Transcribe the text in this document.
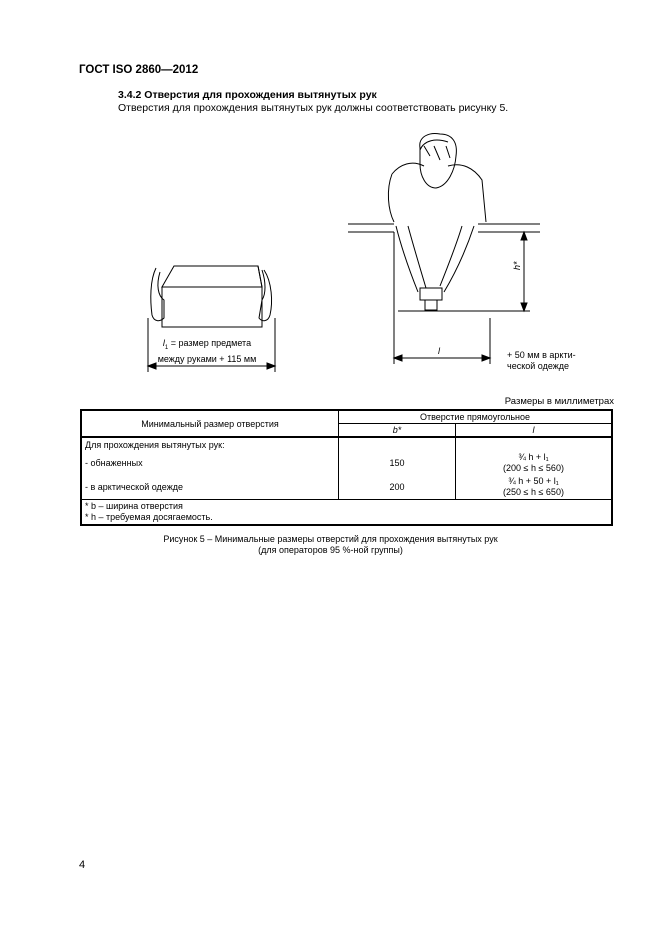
ГОСТ ISO 2860—2012
3.4.2 Отверстия для прохождения вытянутых рук
Отверстия для прохождения вытянутых рук должны соответствовать рисунку 5.
h*
l
$l_1$ = размер предмета
между руками + 115 мм	+ 50 мм в аркти-
ческой одежде
Размеры в миллиметрах
Минимальный размер отверстия	Отверстие прямоугольное	
	b*	l
Для прохождения вытянутых рук:		
- обнаженных	150	¾ h + l₁
(200 ≤ h ≤ 560)
- в арктической одежде	200	¾ h + 50 + l₁
(250 ≤ h ≤ 650)
* b – ширина отверстия
* h – требуемая досягаемость.		
Рисунок 5 – Минимальные размеры отверстий для прохождения вытянутых рук
(для операторов 95 %-ной группы)
4
